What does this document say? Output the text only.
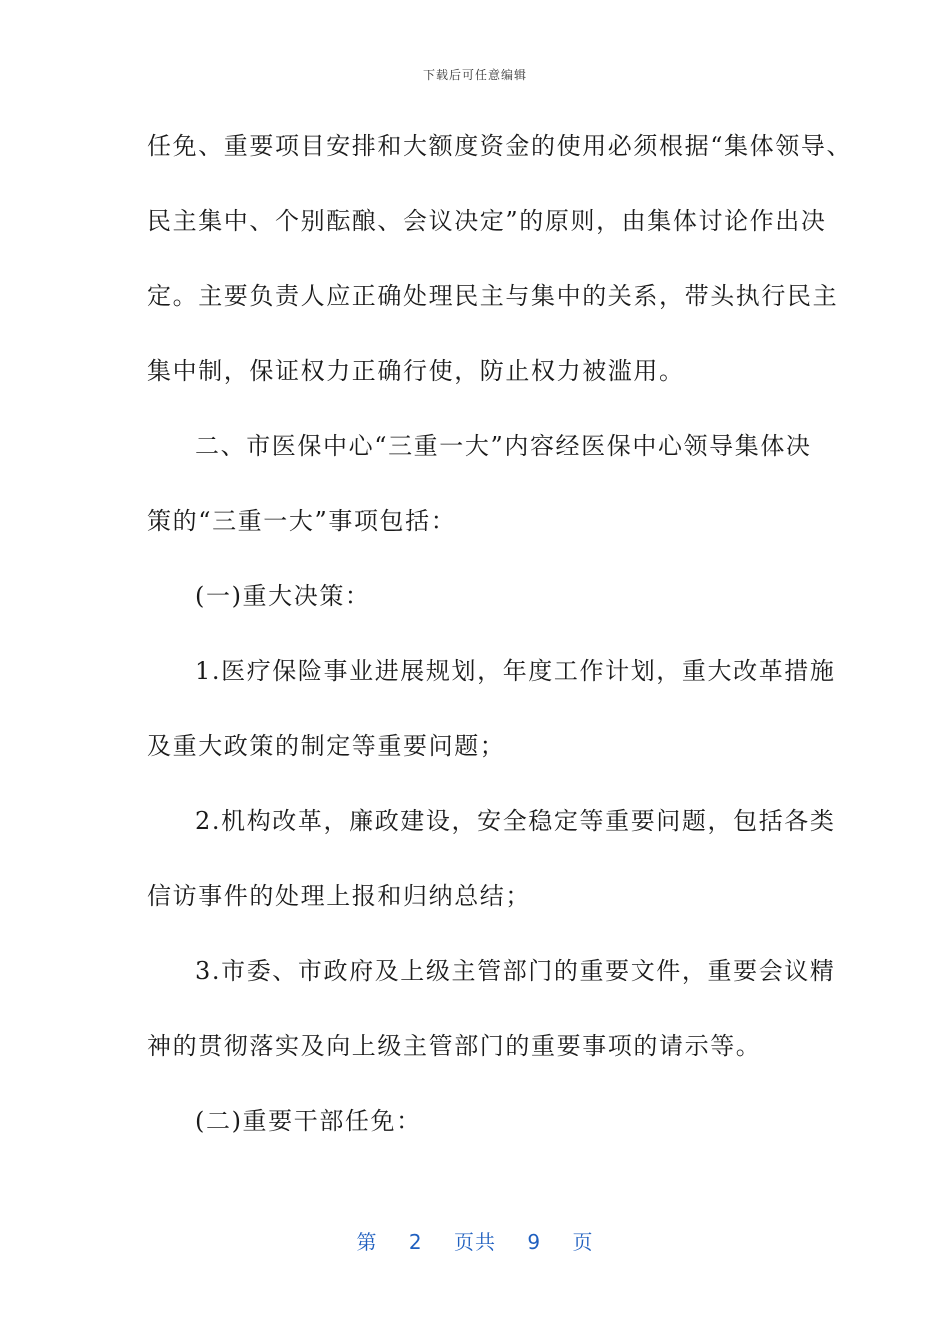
下载后可任意编辑
任免、重要项目安排和大额度资金的使用必须根据“集体领导、
民主集中、个别酝酿、会议决定”的原则，由集体讨论作出决
定。主要负责人应正确处理民主与集中的关系，带头执行民主
集中制，保证权力正确行使，防止权力被滥用。
二、市医保中心“三重一大”内容经医保中心领导集体决
策的“三重一大”事项包括：
(一)重大决策：
1.医疗保险事业进展规划，年度工作计划，重大改革措施
及重大政策的制定等重要问题；
2.机构改革，廉政建设，安全稳定等重要问题，包括各类
信访事件的处理上报和归纳总结；
3.市委、市政府及上级主管部门的重要文件，重要会议精
神的贯彻落实及向上级主管部门的重要事项的请示等。
(二)重要干部任免：
第 2 页共 9 页
